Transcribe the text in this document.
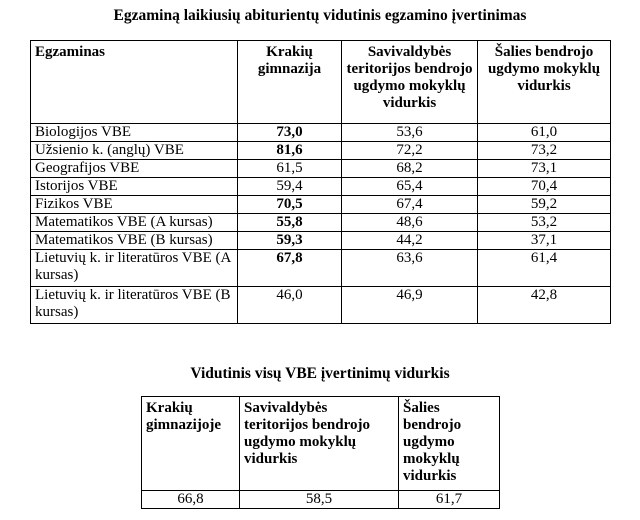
Egzaminą laikiusių abiturientų vidutinis egzamino įvertinimas
Egzaminas	Krakių gimnazija	Savivaldybės teritorijos bendrojo ugdymo mokyklų vidurkis	Šalies bendrojo ugdymo mokyklų vidurkis
Biologijos VBE	73,0	53,6	61,0
Užsienio k. (anglų) VBE	81,6	72,2	73,2
Geografijos VBE	61,5	68,2	73,1
Istorijos VBE	59,4	65,4	70,4
Fizikos VBE	70,5	67,4	59,2
Matematikos VBE (A kursas)	55,8	48,6	53,2
Matematikos VBE (B kursas)	59,3	44,2	37,1
Lietuvių k. ir literatūros VBE (A kursas)	67,8	63,6	61,4
Lietuvių k. ir literatūros VBE (B kursas)	46,0	46,9	42,8
Vidutinis visų VBE įvertinimų vidurkis
Krakių gimnazijoje	Savivaldybės teritorijos bendrojo ugdymo mokyklų vidurkis	Šalies bendrojo ugdymo mokyklų vidurkis
66,8	58,5	61,7
